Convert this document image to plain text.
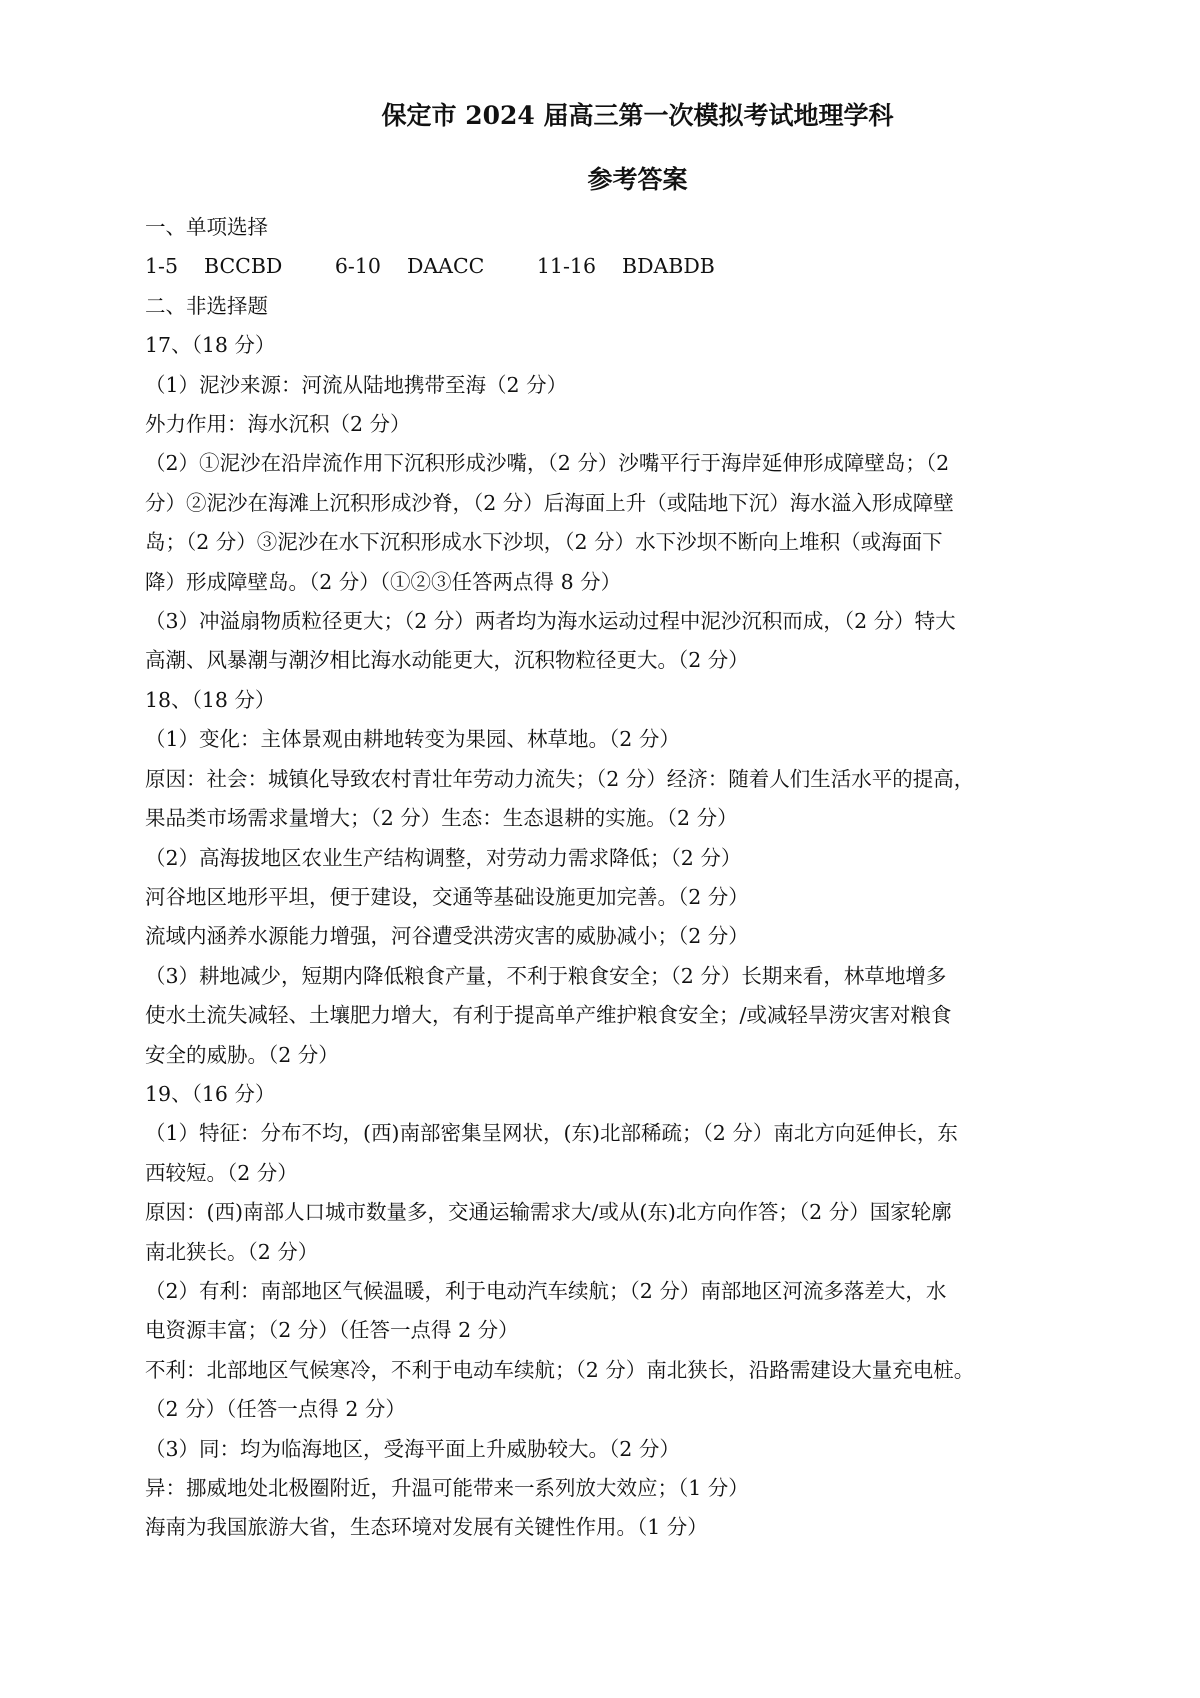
保定市 2024 届高三第一次模拟考试地理学科
参考答案

一、单项选择

1-5 BCCBD	6-10 DAACC	11-16 BDABDB

二、非选择题

17、（18 分）

（1）泥沙来源：河流从陆地携带至海（2 分）

外力作用：海水沉积（2 分）

（2）①泥沙在沿岸流作用下沉积形成沙嘴，（2 分）沙嘴平行于海岸延伸形成障壁岛；（2

分）②泥沙在海滩上沉积形成沙脊，（2 分）后海面上升（或陆地下沉）海水溢入形成障壁

岛；（2 分）③泥沙在水下沉积形成水下沙坝，（2 分）水下沙坝不断向上堆积（或海面下

降）形成障壁岛。（2 分）（①②③任答两点得 8 分）

（3）冲溢扇物质粒径更大；（2 分）两者均为海水运动过程中泥沙沉积而成，（2 分）特大

高潮、风暴潮与潮汐相比海水动能更大，沉积物粒径更大。（2 分）

18、（18 分）

（1）变化：主体景观由耕地转变为果园、林草地。（2 分）

原因：社会：城镇化导致农村青壮年劳动力流失；（2 分）经济：随着人们生活水平的提高，

果品类市场需求量增大；（2 分）生态：生态退耕的实施。（2 分）

（2）高海拔地区农业生产结构调整，对劳动力需求降低；（2 分）

河谷地区地形平坦，便于建设，交通等基础设施更加完善。（2 分）

流域内涵养水源能力增强，河谷遭受洪涝灾害的威胁减小；（2 分）

（3）耕地减少，短期内降低粮食产量，不利于粮食安全；（2 分）长期来看，林草地增多

使水土流失减轻、土壤肥力增大，有利于提高单产维护粮食安全；/或减轻旱涝灾害对粮食

安全的威胁。（2 分）

19、（16 分）

（1）特征：分布不均，(西)南部密集呈网状，(东)北部稀疏；（2 分）南北方向延伸长，东

西较短。（2 分）

原因：(西)南部人口城市数量多，交通运输需求大/或从(东)北方向作答；（2 分）国家轮廓

南北狭长。（2 分）

（2）有利：南部地区气候温暖，利于电动汽车续航；（2 分）南部地区河流多落差大，水

电资源丰富；（2 分）（任答一点得 2 分）

不利：北部地区气候寒冷，不利于电动车续航；（2 分）南北狭长，沿路需建设大量充电桩。

（2 分）（任答一点得 2 分）

（3）同：均为临海地区，受海平面上升威胁较大。（2 分）

异：挪威地处北极圈附近，升温可能带来一系列放大效应；（1 分）

海南为我国旅游大省，生态环境对发展有关键性作用。（1 分）
